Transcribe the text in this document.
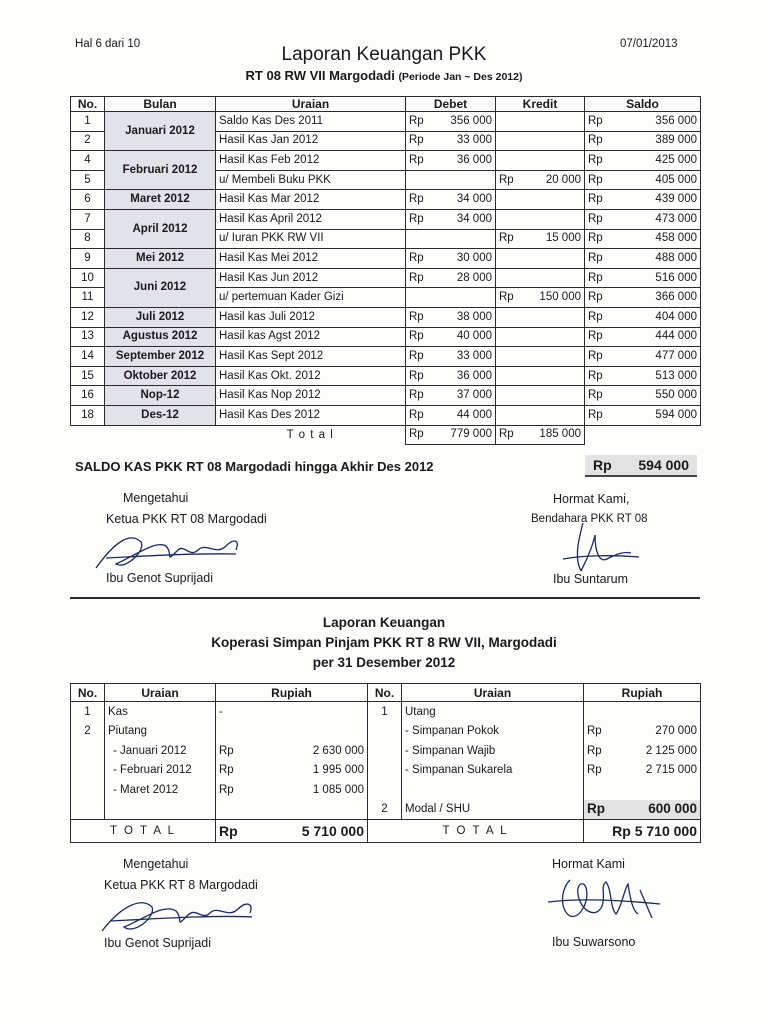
Hal 6 dari 10	07/01/2013
Laporan Keuangan PKK
RT 08 RW VII Margodadi (Periode Jan ~ Des 2012)
No.	Bulan	Uraian	Debet	Kredit	Saldo
1	Januari 2012	Saldo Kas Des 2011	Rp 356 000		Rp 356 000

2		Hasil Kas Jan 2012	Rp 33 000		Rp 389 000

4	Februari 2012	Hasil Kas Feb 2012	Rp 36 000		Rp 425 000

5		u/ Membeli Buku PKK		Rp 20 000	Rp 405 000

6	Maret 2012	Hasil Kas Mar 2012	Rp 34 000		Rp 439 000

7	April 2012	Hasil Kas April 2012	Rp 34 000		Rp 473 000

8		u/ Iuran PKK RW VII		Rp 15 000	Rp 458 000

9	Mei 2012	Hasil Kas Mei 2012	Rp 30 000		Rp 488 000

10	Juni 2012	Hasil Kas Jun 2012	Rp 28 000		Rp 516 000

11		u/ pertemuan Kader Gizi		Rp 150 000	Rp 366 000

12	Juli 2012	Hasil kas Juli 2012	Rp 38 000		Rp 404 000

13	Agustus 2012	Hasil kas Agst 2012	Rp 40 000		Rp 444 000

14	September 2012	Hasil Kas Sept 2012	Rp 33 000		Rp 477 000

15	Oktober 2012	Hasil Kas Okt. 2012	Rp 36 000		Rp 513 000

16	Nop-12	Hasil Kas Nop 2012	Rp 37 000		Rp 550 000

18	Des-12	Hasil Kas Des 2012	Rp 44 000		Rp 594 000

		T o t a l	Rp 779 000	Rp 185 000	

SALDO KAS PKK RT 08 Margodadi hingga Akhir Des 2012	Rp 594 000
Mengetahui
Ketua PKK RT 08 Margodadi
Ibu Genot Suprijadi
Hormat Kami,
Bendahara PKK RT 08
Ibu Suntarum
Laporan Keuangan
Koperasi Simpan Pinjam PKK RT 8 RW VII, Margodadi
per 31 Desember 2012
No.	Uraian	Rupiah	No.	Uraian	Rupiah
1	Kas	-	1	Utang	
2	Piutang			- Simpanan Pokok	Rp 270 000

	- Januari 2012	Rp 2 630 000		- Simpanan Wajib	Rp 2 125 000

	- Februari 2012	Rp 1 995 000		- Simpanan Sukarela	Rp 2 715 000

	- Maret 2012	Rp 1 085 000			

			2	Modal / SHU	Rp 600 000

T O T A L		Rp 5 710 000	T O T A L		Rp 5 710 000
Mengetahui
Ketua PKK RT 8 Margodadi
Ibu Genot Suprijadi
Hormat Kami
Ibu Suwarsono
